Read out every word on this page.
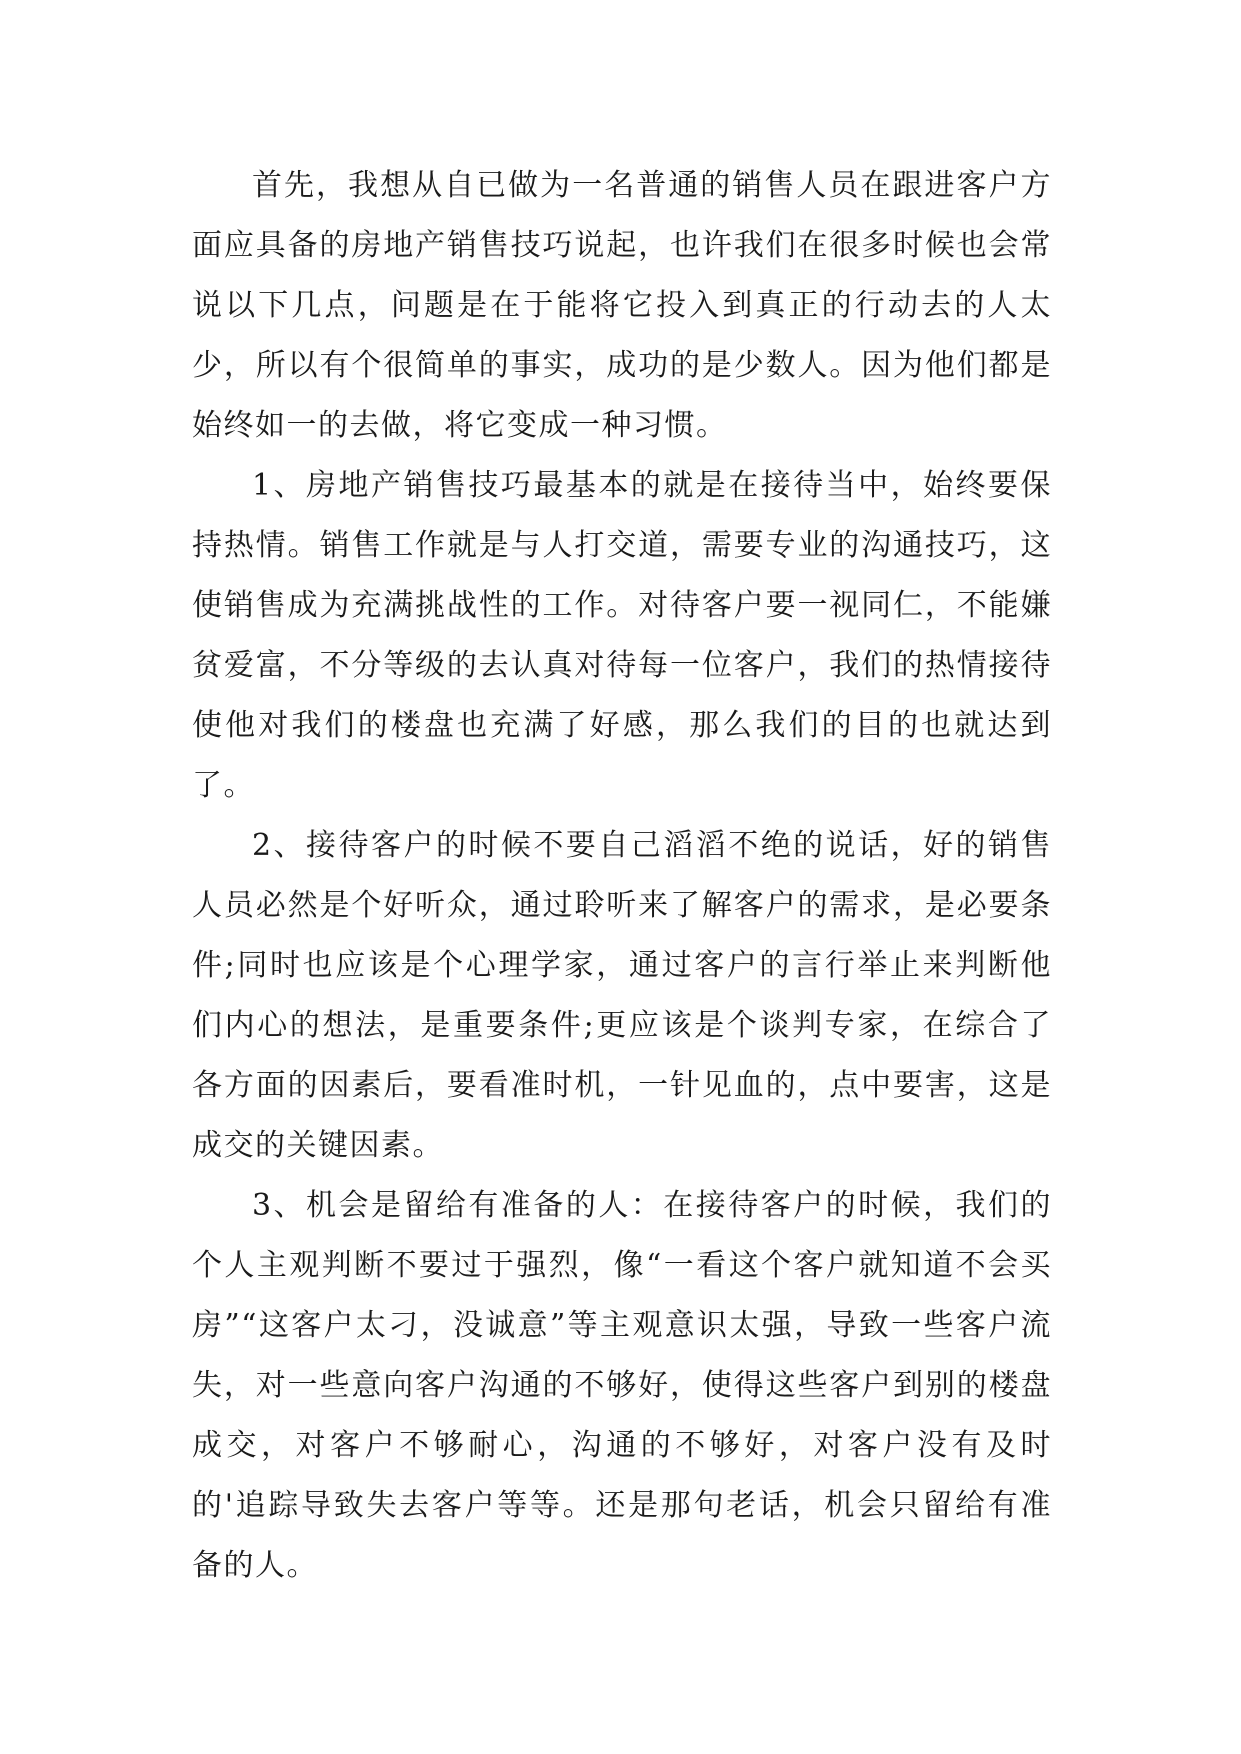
首先，我想从自已做为一名普通的销售人员在跟进客户方面应具备的房地产销售技巧说起，也许我们在很多时候也会常说以下几点，问题是在于能将它投入到真正的行动去的人太少，所以有个很简单的事实，成功的是少数人。因为他们都是始终如一的去做，将它变成一种习惯。

1、房地产销售技巧最基本的就是在接待当中，始终要保持热情。销售工作就是与人打交道，需要专业的沟通技巧，这使销售成为充满挑战性的工作。对待客户要一视同仁，不能嫌贫爱富，不分等级的去认真对待每一位客户，我们的热情接待使他对我们的楼盘也充满了好感，那么我们的目的也就达到了。

2、接待客户的时候不要自己滔滔不绝的说话，好的销售人员必然是个好听众，通过聆听来了解客户的需求，是必要条件;同时也应该是个心理学家，通过客户的言行举止来判断他们内心的想法，是重要条件;更应该是个谈判专家，在综合了各方面的因素后，要看准时机，一针见血的，点中要害，这是成交的关键因素。

3、机会是留给有准备的人：在接待客户的时候，我们的个人主观判断不要过于强烈，像“一看这个客户就知道不会买房”“这客户太刁，没诚意”等主观意识太强，导致一些客户流失，对一些意向客户沟通的不够好，使得这些客户到别的楼盘成交，对客户不够耐心，沟通的不够好，对客户没有及时的'追踪导致失去客户等等。还是那句老话，机会只留给有准备的人。
